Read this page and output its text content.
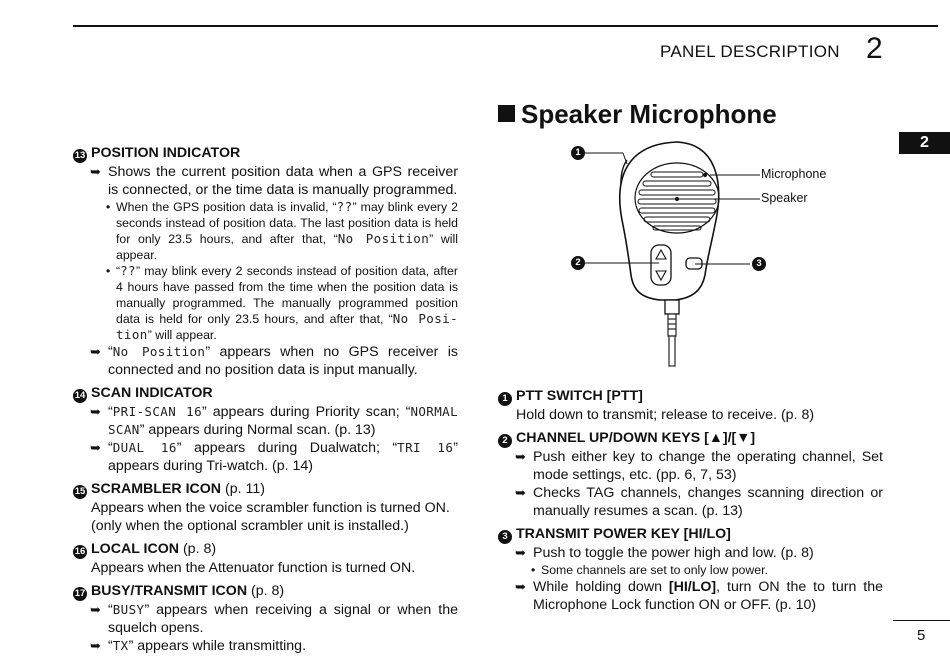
PANEL DESCRIPTION 2
2
Speaker Microphone
13 POSITION INDICATOR
➥ Shows the current position data when a GPS receiver is connected, or the time data is manually programmed.
• When the GPS position data is invalid, “??” may blink every 2 seconds instead of position data. The last position data is held for only 23.5 hours, and after that, “No Position” will appear.
• “??” may blink every 2 seconds instead of position data, after 4 hours have passed from the time when the position data is manually programmed. The manually programmed position data is held for only 23.5 hours, and after that, “No Posi-tion” will appear.
➥ “No Position” appears when no GPS receiver is connected and no position data is input manually.
14 SCAN INDICATOR
➥ “PRI-SCAN 16” appears during Priority scan; “NORMAL SCAN” appears during Normal scan. (p. 13)
➥ “DUAL 16” appears during Dualwatch; “TRI 16” appears during Tri-watch. (p. 14)
15 SCRAMBLER ICON (p. 11)
Appears when the voice scrambler function is turned ON. (only when the optional scrambler unit is installed.)
16 LOCAL ICON (p. 8)
Appears when the Attenuator function is turned ON.
17 BUSY/TRANSMIT ICON (p. 8)
➥ “BUSY” appears when receiving a signal or when the squelch opens.
➥ “TX” appears while transmitting.
1
2	3
Microphone
Speaker
1 PTT SWITCH [PTT]
Hold down to transmit; release to receive. (p. 8)
2 CHANNEL UP/DOWN KEYS [▲]/[▼]
➥ Push either key to change the operating channel, Set mode settings, etc. (pp. 6, 7, 53)
➥ Checks TAG channels, changes scanning direction or manually resumes a scan. (p. 13)
3 TRANSMIT POWER KEY [HI/LO]
➥ Push to toggle the power high and low. (p. 8)
• Some channels are set to only low power.
➥ While holding down [HI/LO], turn ON the to turn the Microphone Lock function ON or OFF. (p. 10)
5
